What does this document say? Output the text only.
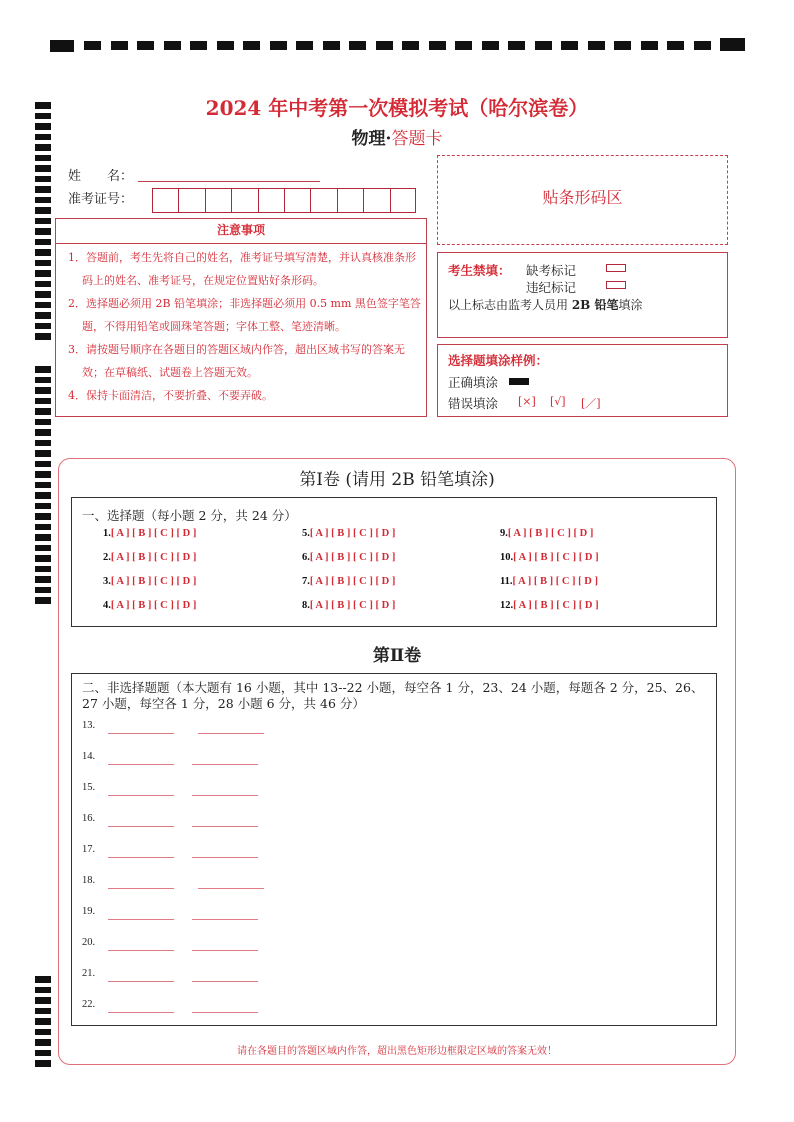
2024 年中考第一次模拟考试（哈尔滨卷）
物理·答题卡
姓　　名：
准考证号：
注意事项

1．答题前，考生先将自己的姓名，准考证号填写清楚，并认真核准条形码上的姓名、准考证号，在规定位置贴好条形码。

2．选择题必须用 2B 铅笔填涂；非选择题必须用 0.5 mm 黑色签字笔答题，不得用铅笔或圆珠笔答题；字体工整、笔迹清晰。

3．请按题号顺序在各题目的答题区域内作答，超出区域书写的答案无效；在草稿纸、试题卷上答题无效。

4．保持卡面清洁，不要折叠、不要弄破。

贴条形码区
考生禁填： 缺考标记
违纪标记
以上标志由监考人员用 2B 铅笔填涂
选择题填涂样例：
正确填涂
错误填涂 [×] [√] [／]
第Ⅰ卷 (请用 2B 铅笔填涂)
一、选择题（每小题 2 分，共 24 分）
1.[ A ] [ B ] [ C ] [ D ]
2.[ A ] [ B ] [ C ] [ D ]
3.[ A ] [ B ] [ C ] [ D ]
4.[ A ] [ B ] [ C ] [ D ]
5.[ A ] [ B ] [ C ] [ D ]
6.[ A ] [ B ] [ C ] [ D ]
7.[ A ] [ B ] [ C ] [ D ]
8.[ A ] [ B ] [ C ] [ D ]
9.[ A ] [ B ] [ C ] [ D ]
10.[ A ] [ B ] [ C ] [ D ]
11.[ A ] [ B ] [ C ] [ D ]
12.[ A ] [ B ] [ C ] [ D ]
第Ⅱ卷
二、非选择题题（本大题有 16 小题，其中 13--22 小题，每空各 1 分，23、24 小题，每题各 2 分，25、26、27 小题，每空各 1 分，28 小题 6 分，共 46 分）
13.
14.
15.
16.
17.
18.
19.
20.
21.
22.
请在各题目的答题区域内作答，超出黑色矩形边框限定区域的答案无效！
